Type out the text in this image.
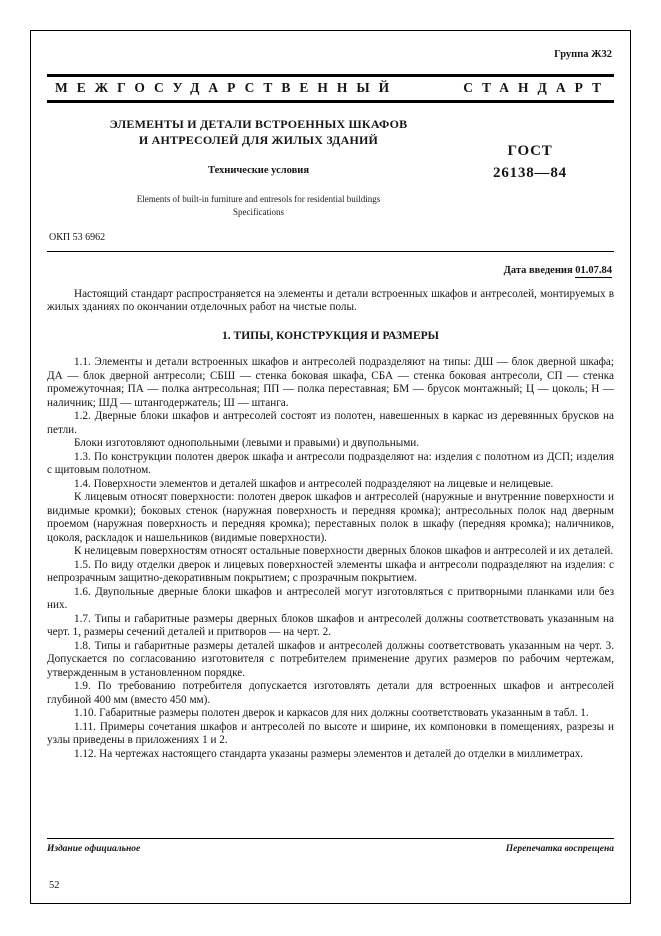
Группа Ж32
МЕЖГОСУДАРСТВЕННЫЙ	СТАНДАРТ
ЭЛЕМЕНТЫ И ДЕТАЛИ ВСТРОЕННЫХ ШКАФОВ
И АНТРЕСОЛЕЙ ДЛЯ ЖИЛЫХ ЗДАНИЙ
Технические условия
Elements of built-in furniture and entresols for residential buildings
Specifications
ГОСТ
26138—84
ОКП 53 6962
Дата введения 01.07.84

Настоящий стандарт распространяется на элементы и детали встроенных шкафов и антресолей, монтируемых в жилых зданиях по окончании отделочных работ на чистые полы.

1. ТИПЫ, КОНСТРУКЦИЯ И РАЗМЕРЫ

1.1. Элементы и детали встроенных шкафов и антресолей подразделяют на типы: ДШ — блок дверной шкафа; ДА — блок дверной антресоли; СБШ — стенка боковая шкафа, СБА — стенка боковая антресоли, СП — стенка промежуточная; ПА — полка антресольная; ПП — полка переставная; БМ — брусок монтажный; Ц — цоколь; Н — наличник; ШД — штангодержатель; Ш — штанга.

1.2. Дверные блоки шкафов и антресолей состоят из полотен, навешенных в каркас из деревянных брусков на петли.

Блоки изготовляют однопольными (левыми и правыми) и двупольными.

1.3. По конструкции полотен дверок шкафа и антресоли подразделяют на: изделия с полотном из ДСП; изделия с щитовым полотном.

1.4. Поверхности элементов и деталей шкафов и антресолей подразделяют на лицевые и нелицевые.

К лицевым относят поверхности: полотен дверок шкафов и антресолей (наружные и внутренние поверхности и видимые кромки); боковых стенок (наружная поверхность и передняя кромка); антресольных полок над дверным проемом (наружная поверхность и передняя кромка); переставных полок в шкафу (передняя кромка); наличников, цоколя, раскладок и нашельников (видимые поверхности).

К нелицевым поверхностям относят остальные поверхности дверных блоков шкафов и антресолей и их деталей.

1.5. По виду отделки дверок и лицевых поверхностей элементы шкафа и антресоли подразделяют на изделия: с непрозрачным защитно-декоративным покрытием; с прозрачным покрытием.

1.6. Двупольные дверные блоки шкафов и антресолей могут изготовляться с притворными планками или без них.

1.7. Типы и габаритные размеры дверных блоков шкафов и антресолей должны соответствовать указанным на черт. 1, размеры сечений деталей и притворов — на черт. 2.

1.8. Типы и габаритные размеры деталей шкафов и антресолей должны соответствовать указанным на черт. 3. Допускается по согласованию изготовителя с потребителем применение других размеров по рабочим чертежам, утвержденным в установленном порядке.

1.9. По требованию потребителя допускается изготовлять детали для встроенных шкафов и антресолей глубиной 400 мм (вместо 450 мм).

1.10. Габаритные размеры полотен дверок и каркасов для них должны соответствовать указанным в табл. 1.

1.11. Примеры сочетания шкафов и антресолей по высоте и ширине, их компоновки в помещениях, разрезы и узлы приведены в приложениях 1 и 2.

1.12. На чертежах настоящего стандарта указаны размеры элементов и деталей до отделки в миллиметрах.

Издание официальное	Перепечатка воспрещена
52
